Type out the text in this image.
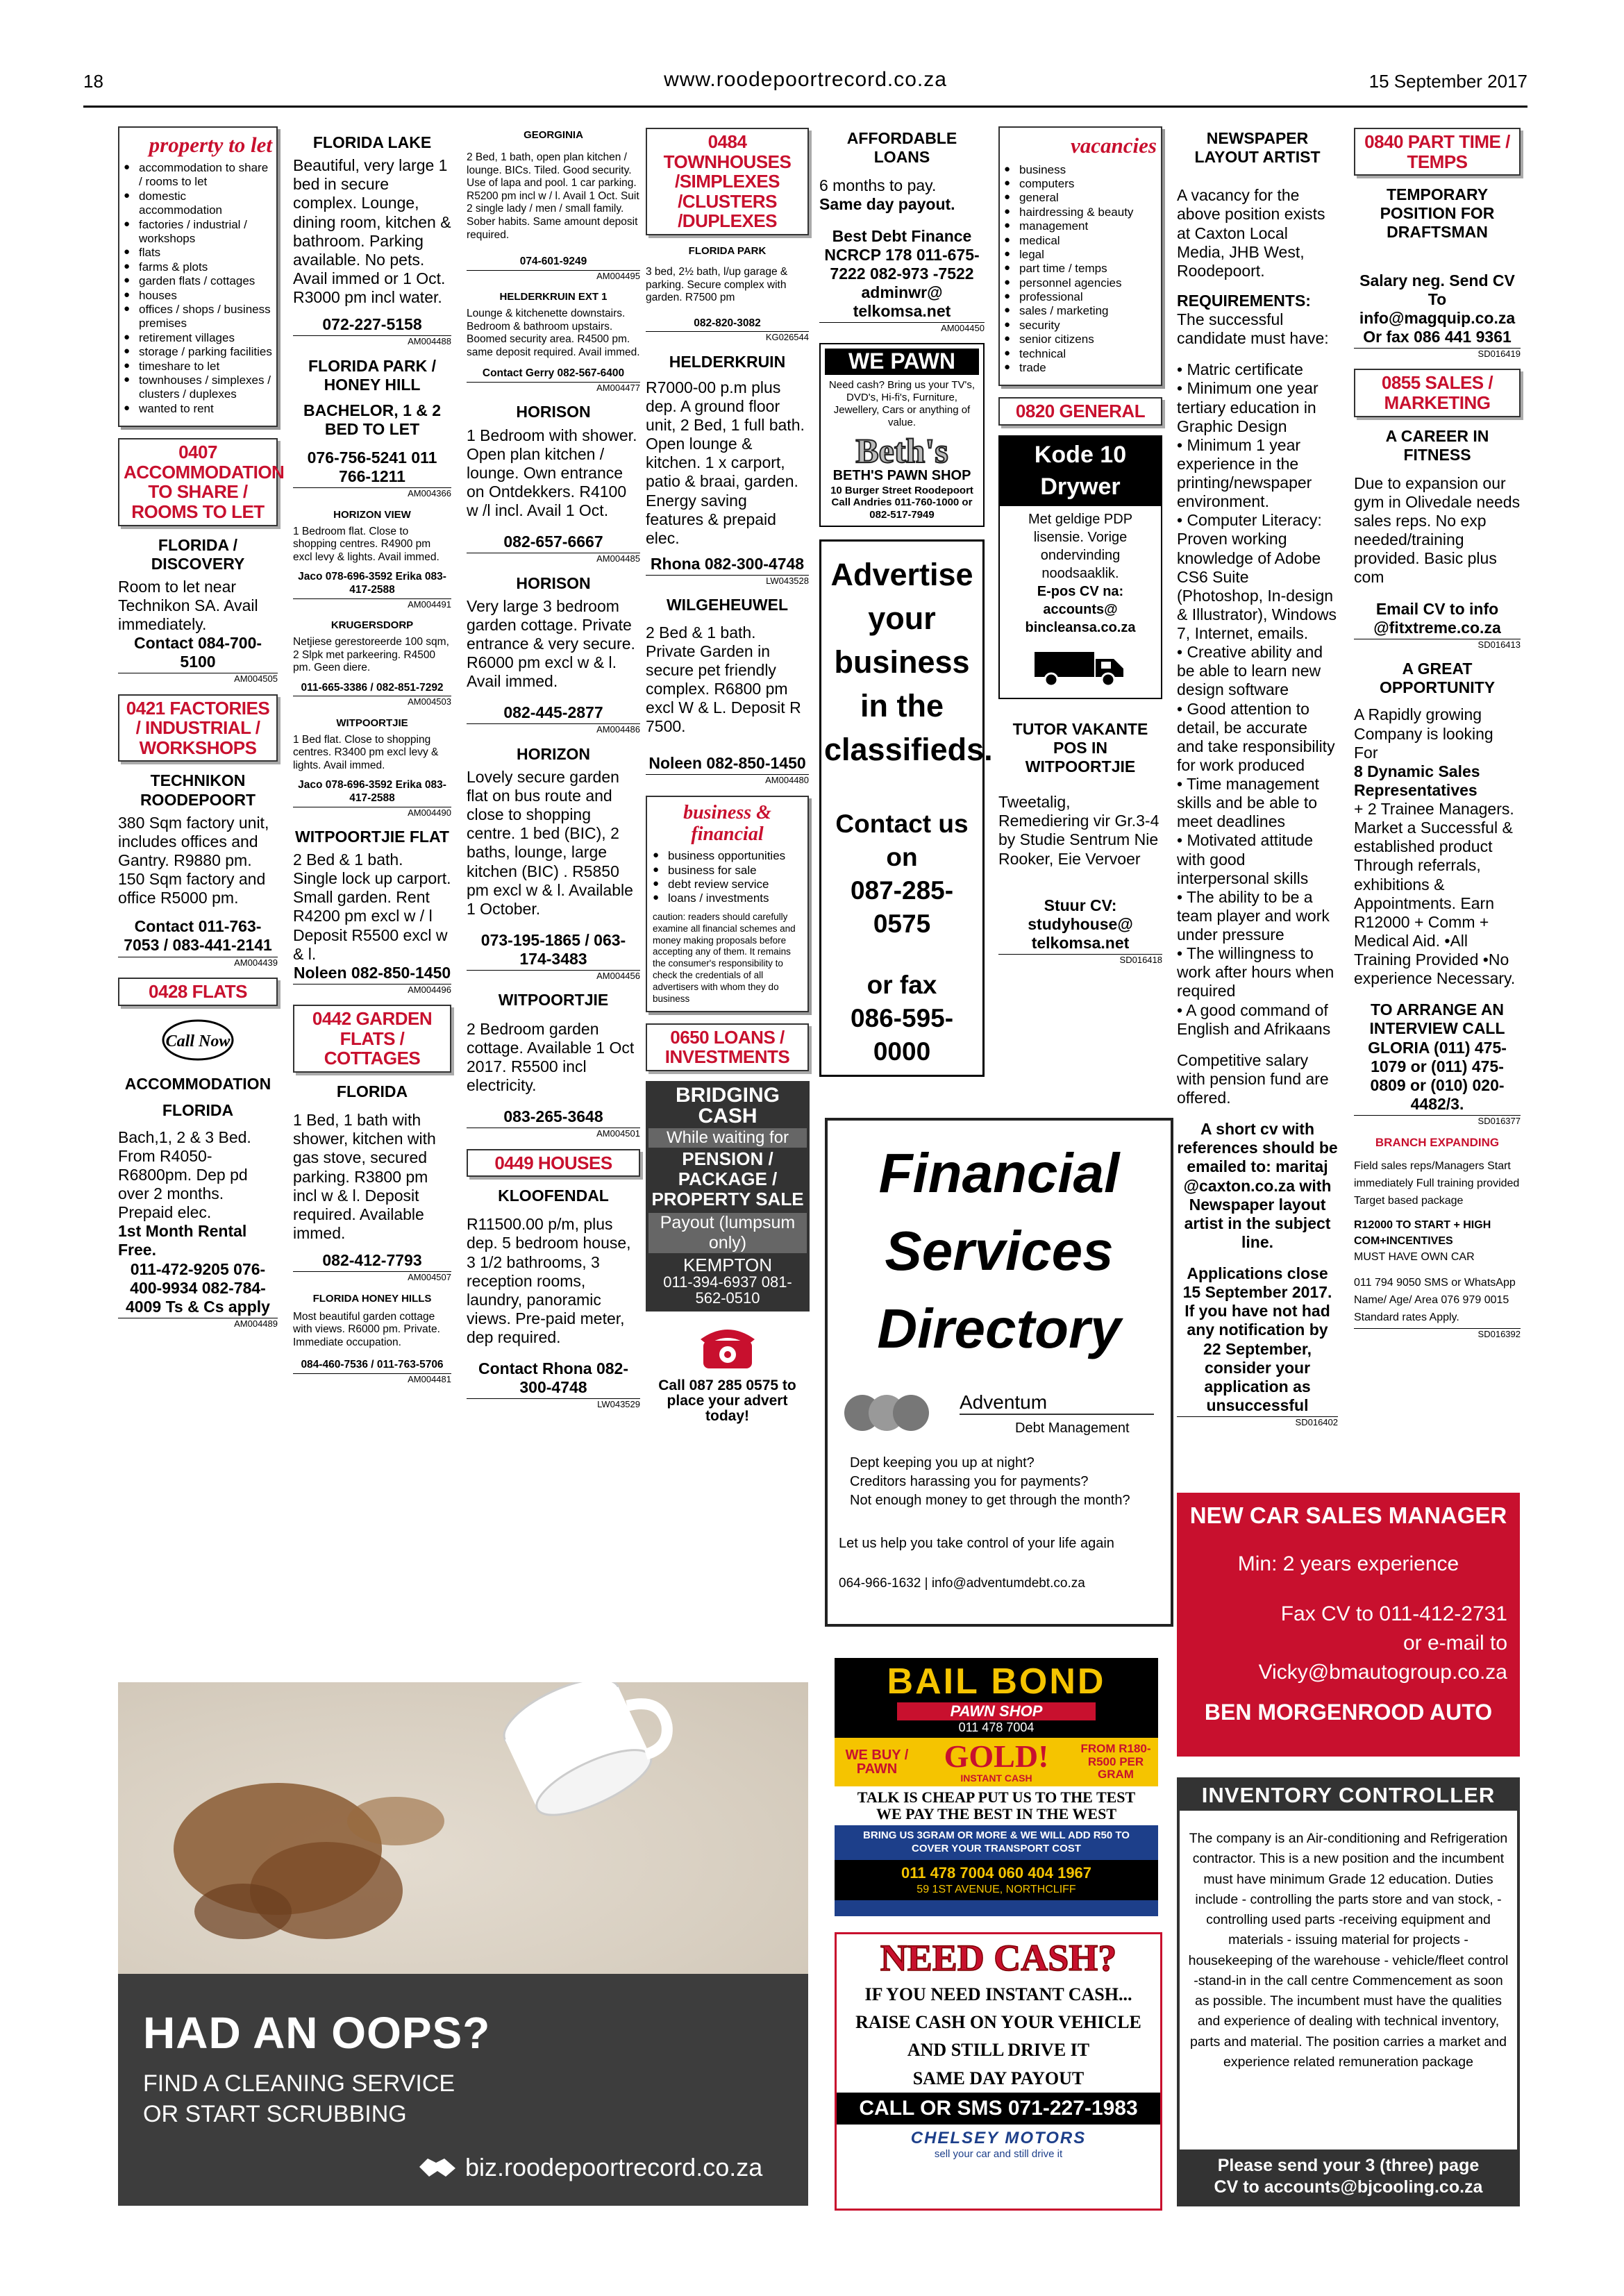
18	www.roodepoortrecord.co.za	15 September 2017
property to let
● accommodation to share / rooms to let
● domestic accommodation
● factories / industrial / workshops
● flats
● farms & plots
● garden flats / cottages
● houses
● offices / shops / business premises
● retirement villages
● storage / parking facilities
● timeshare to let
● townhouses / simplexes / clusters / duplexes
● wanted to rent
0407 ACCOMMODATION TO SHARE / ROOMS TO LET
FLORIDA / DISCOVERY
Room to let near Technikon SA. Avail immediately.
Contact 084-700-5100
AM004505
0421 FACTORIES / INDUSTRIAL / WORKSHOPS
TECHNIKON ROODEPOORT
380 Sqm factory unit, includes offices and Gantry. R9880 pm. 150 Sqm factory and office R5000 pm.
Contact 011-763-7053 / 083-441-2141
AM004439
0428 FLATS
Call Now
ACCOMMODATION
FLORIDA
Bach,1, 2 & 3 Bed. From R4050-R6800pm. Dep pd over 2 months. Prepaid elec.
1st Month Rental Free.
011-472-9205 076-400-9934 082-784-4009 Ts & Cs apply
AM004489
FLORIDA LAKE
Beautiful, very large 1 bed in secure complex. Lounge, dining room, kitchen & bathroom. Parking available. No pets. Avail immed or 1 Oct. R3000 pm incl water.
072-227-5158
AM004488
FLORIDA PARK / HONEY HILL
BACHELOR, 1 & 2 BED TO LET
076-756-5241 011 766-1211
AM004366
HORIZON VIEW
1 Bedroom flat. Close to shopping centres. R4900 pm excl levy & lights. Avail immed.
Jaco 078-696-3592 Erika 083-417-2588
AM004491
KRUGERSDORP
Netjiese gerestoreerde 100 sqm, 2 Slpk met parkeering. R4500 pm. Geen diere.
011-665-3386 / 082-851-7292
AM004503
WITPOORTJIE
1 Bed flat. Close to shopping centres. R3400 pm excl levy & lights. Avail immed.
Jaco 078-696-3592 Erika 083-417-2588
AM004490
WITPOORTJIE FLAT
2 Bed & 1 bath. Single lock up carport. Small garden. Rent R4200 pm excl w / l Deposit R5500 excl w & l.
Noleen 082-850-1450
AM004496
0442 GARDEN FLATS / COTTAGES
FLORIDA
1 Bed, 1 bath with shower, kitchen with gas stove, secured parking. R3800 pm incl w & l. Deposit required. Available immed.
082-412-7793
AM004507
FLORIDA HONEY HILLS
Most beautiful garden cottage with views. R6000 pm. Private. Immediate occupation.
084-460-7536 / 011-763-5706
AM004481
GEORGINIA
2 Bed, 1 bath, open plan kitchen / lounge. BICs. Tiled. Good security. Use of lapa and pool. 1 car parking. R5200 pm incl w / l. Avail 1 Oct. Suit 2 single lady / men / small family. Sober habits. Same amount deposit required.
074-601-9249
AM004495
HELDERKRUIN EXT 1
Lounge & kitchenette downstairs. Bedroom & bathroom upstairs. Boomed security area. R4500 pm. same deposit required. Avail immed.
Contact Gerry 082-567-6400
AM004477
HORISON
1 Bedroom with shower. Open plan kitchen / lounge. Own entrance on Ontdekkers. R4100 w /l incl. Avail 1 Oct.
082-657-6667
AM004485
HORISON
Very large 3 bedroom garden cottage. Private entrance & very secure. R6000 pm excl w & l. Avail immed.
082-445-2877
AM004486
HORIZON
Lovely secure garden flat on bus route and close to shopping centre. 1 bed (BIC), 2 baths, lounge, large kitchen (BIC) . R5850 pm excl w & l. Available 1 October.
073-195-1865 / 063-174-3483
AM004456
WITPOORTJIE
2 Bedroom garden cottage. Available 1 Oct 2017. R5500 incl electricity.
083-265-3648
AM004501
0449 HOUSES
KLOOFENDAL
R11500.00 p/m, plus dep. 5 bedroom house, 3 1/2 bathrooms, 3 reception rooms, laundry, panoramic views. Pre-paid meter, dep required.
Contact Rhona 082-300-4748
LW043529
0484 TOWNHOUSES /SIMPLEXES /CLUSTERS /DUPLEXES
FLORIDA PARK
3 bed, 2½ bath, l/up garage & parking. Secure complex with garden. R7500 pm
082-820-3082
KG026544
HELDERKRUIN
R7000-00 p.m plus dep. A ground floor unit, 2 Bed, 1 full bath. Open lounge & kitchen. 1 x carport, patio & braai, garden. Energy saving features & prepaid elec.
Rhona 082-300-4748
LW043528
WILGEHEUWEL
2 Bed & 1 bath. Private Garden in secure pet friendly complex. R6800 pm excl W & L. Deposit R 7500.
Noleen 082-850-1450
AM004480
business & financial
● business opportunities
● business for sale
● debt review service
● loans / investments
caution: readers should carefully examine all financial schemes and money making proposals before accepting any of them. It remains the consumer's responsibility to check the credentials of all advertisers with whom they do business
0650 LOANS / INVESTMENTS
BRIDGING CASH
While waiting for
PENSION / PACKAGE / PROPERTY SALE
Payout (lumpsum only)
KEMPTON
011-394-6937 081-562-0510
Call 087 285 0575 to place your advert today!
AFFORDABLE LOANS
6 months to pay.
Same day payout.
Best Debt Finance NCRCP 178 011-675-7222 082-973 -7522 adminwr@ telkomsa.net
AM004450
WE PAWN
Need cash? Bring us your TV's, DVD's, Hi-fi's, Furniture, Jewellery, Cars or anything of value.
Beth's
BETH'S PAWN SHOP
10 Burger Street Roodepoort
Call Andries 011-760-1000 or 082-517-7949
Advertise your business in the classifieds.
Contact us on
087-285-0575
or fax
086-595-0000
vacancies
● business
● computers
● general
● hairdressing & beauty
● management
● medical
● legal
● part time / temps
● personnel agencies
● professional
● sales / marketing
● security
● senior citizens
● technical
● trade
0820 GENERAL
Kode 10 Drywer
Met geldige PDP lisensie. Vorige ondervinding noodsaaklik.
E-pos CV na: accounts@ bincleansa.co.za
TUTOR VAKANTE POS IN WITPOORTJIE
Tweetalig, Remediering vir Gr.3-4 by Studie Sentrum Nie Rooker, Eie Vervoer
Stuur CV: studyhouse@ telkomsa.net
SD016418
NEWSPAPER LAYOUT ARTIST
A vacancy for the above position exists at Caxton Local Media, JHB West, Roodepoort.
REQUIREMENTS:
The successful candidate must have:
• Matric certificate
• Minimum one year tertiary education in Graphic Design
• Minimum 1 year experience in the printing/newspaper environment.
• Computer Literacy: Proven working knowledge of Adobe CS6 Suite (Photoshop, In-design & Illustrator), Windows 7, Internet, emails.
• Creative ability and be able to learn new design software
• Good attention to detail, be accurate and take responsibility for work produced
• Time management skills and be able to meet deadlines
• Motivated attitude with good interpersonal skills
• The ability to be a team player and work under pressure
• The willingness to work after hours when required
• A good command of English and Afrikaans
Competitive salary with pension fund are offered.
A short cv with references should be emailed to: maritaj @caxton.co.za with Newspaper layout artist in the subject line.
Applications close 15 September 2017. If you have not had any notification by 22 September, consider your application as unsuccessful
SD016402
0840 PART TIME / TEMPS
TEMPORARY POSITION FOR DRAFTSMAN
Salary neg. Send CV To info@magquip.co.za Or fax 086 441 9361
SD016419
0855 SALES / MARKETING
A CAREER IN FITNESS
Due to expansion our gym in Olivedale needs sales reps. No exp needed/training provided. Basic plus com
Email CV to info @fitxtreme.co.za
SD016413
A GREAT OPPORTUNITY
A Rapidly growing Company is looking For
8 Dynamic Sales Representatives
+ 2 Trainee Managers. Market a Successful & established product Through referrals, exhibitions & Appointments. Earn R12000 + Comm + Medical Aid. •All Training Provided •No experience Necessary.
TO ARRANGE AN INTERVIEW CALL GLORIA (011) 475-1079 or (011) 475-0809 or (010) 020-4482/3.
SD016377
BRANCH EXPANDING
Field sales reps/Managers Start immediately Full training provided Target based package
R12000 TO START + HIGH COM+INCENTIVES
MUST HAVE OWN CAR
011 794 9050 SMS or WhatsApp Name/ Age/ Area 076 979 0015 Standard rates Apply.
SD016392
HAD AN OOPS?
FIND A CLEANING SERVICE
OR START SCRUBBING
biz.roodepoortrecord.co.za
Financial
Services
Directory
Adventum
Debt Management
Dept keeping you up at night?
Creditors harassing you for payments?
Not enough money to get through the month?
Let us help you take control of your life again
064-966-1632 | info@adventumdebt.co.za
BAIL BOND
PAWN SHOP
011 478 7004
WE BUY / PAWN	GOLD!
INSTANT CASH
FROM R180-R500 PER GRAM
TALK IS CHEAP PUT US TO THE TEST
WE PAY THE BEST IN THE WEST
BRING US 3GRAM OR MORE & WE WILL ADD R50 TO COVER YOUR TRANSPORT COST
011 478 7004 060 404 1967
59 1ST AVENUE, NORTHCLIFF
NEED CASH?
IF YOU NEED INSTANT CASH...
RAISE CASH ON YOUR VEHICLE
AND STILL DRIVE IT
SAME DAY PAYOUT
CALL OR SMS 071-227-1983
CHELSEY MOTORS
sell your car and still drive it
NEW CAR SALES MANAGER
Min: 2 years experience
Fax CV to 011-412-2731
or e-mail to
Vicky@bmautogroup.co.za
BEN MORGENROOD AUTO
INVENTORY CONTROLLER
The company is an Air-conditioning and Refrigeration contractor. This is a new position and the incumbent must have minimum Grade 12 education. Duties include - controlling the parts store and van stock, - controlling used parts -receiving equipment and materials - issuing material for projects - housekeeping of the warehouse - vehicle/fleet control -stand-in in the call centre Commencement as soon as possible. The incumbent must have the qualities and experience of dealing with technical inventory, parts and material. The position carries a market and experience related remuneration package
Please send your 3 (three) page CV to accounts@bjcooling.co.za
